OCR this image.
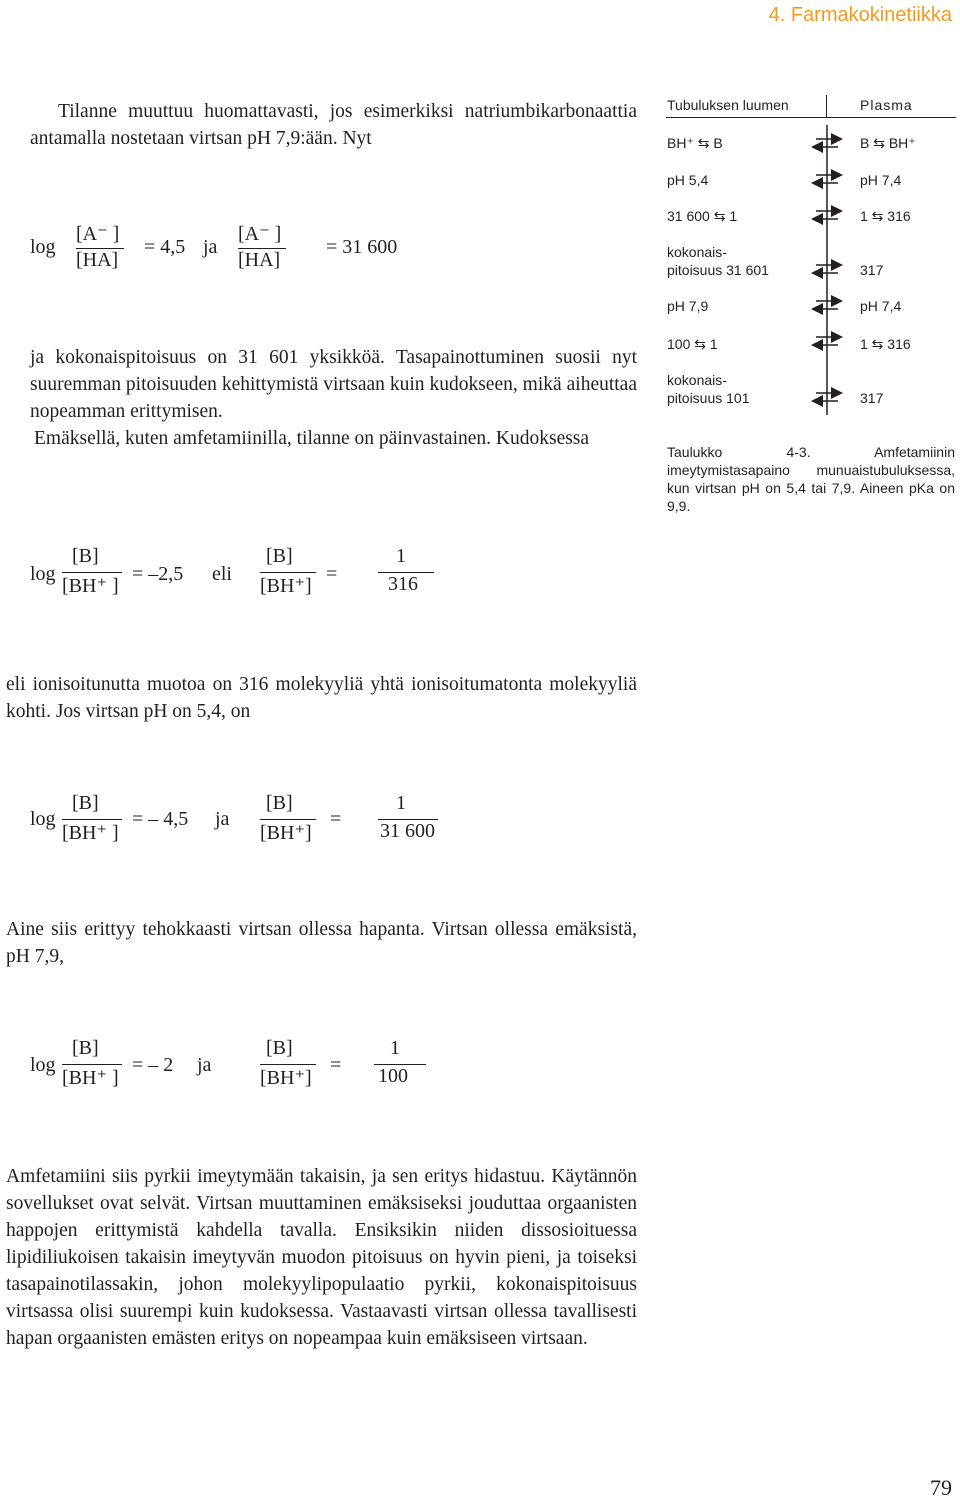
4. Farmakokinetiikka

Tilanne muuttuu huomattavasti, jos esimerkiksi natriumbikarbonaattia antamalla nostetaan virtsan pH 7,9:ään. Nyt

log
[A⁻ ]
[HA]
= 4,5 ja
[A⁻ ]
[HA]
= 31 600

ja kokonaispitoisuus on 31 601 yksikköä. Tasapainottuminen suosii nyt suuremman pitoisuuden kehittymistä virtsaan kuin kudokseen, mikä aiheuttaa nopeamman erittymisen.

Emäksellä, kuten amfetamiinilla, tilanne on päinvastainen. Kudoksessa

log
[B]
[BH⁺ ]
= –2,5 eli
[B]
[BH⁺]
=
1
316

eli ionisoitunutta muotoa on 316 molekyyliä yhtä ionisoitumatonta molekyyliä kohti. Jos virtsan pH on 5,4, on

log
[B]
[BH⁺ ]
= – 4,5 ja
[B]
[BH⁺]
=
1
31 600

Aine siis erittyy tehokkaasti virtsan ollessa hapanta. Virtsan ollessa emäksistä, pH 7,9,

log
[B]
[BH⁺ ]
= – 2 ja
[B]
[BH⁺]
=
1
100

Amfetamiini siis pyrkii imeytymään takaisin, ja sen eritys hidastuu. Käytännön sovellukset ovat selvät. Virtsan muuttaminen emäksiseksi jouduttaa orgaanisten happojen erittymistä kahdella tavalla. Ensiksikin niiden dissosioituessa lipidiliukoisen takaisin imeytyvän muodon pitoisuus on hyvin pieni, ja toiseksi tasapainotilassakin, johon molekyylipopulaatio pyrkii, kokonaispitoisuus virtsassa olisi suurempi kuin kudoksessa. Vastaavasti virtsan ollessa tavallisesti hapan orgaanisten emästen eritys on nopeampaa kuin emäksiseen virtsaan.

Tubuluksen luumen	Plasma
BH⁺ ⇆ B	B ⇆ BH⁺
pH 5,4	pH 7,4
31 600 ⇆ 1	1 ⇆ 316
kokonais-
pitoisuus 31 601	317
pH 7,9	pH 7,4
100 ⇆ 1	1 ⇆ 316
kokonais-
pitoisuus 101	317
Taulukko 4-3. Amfetamiinin imeytymistasapaino munuaistubuluksessa, kun virtsan pH on 5,4 tai 7,9. Aineen pKa on 9,9.
79
